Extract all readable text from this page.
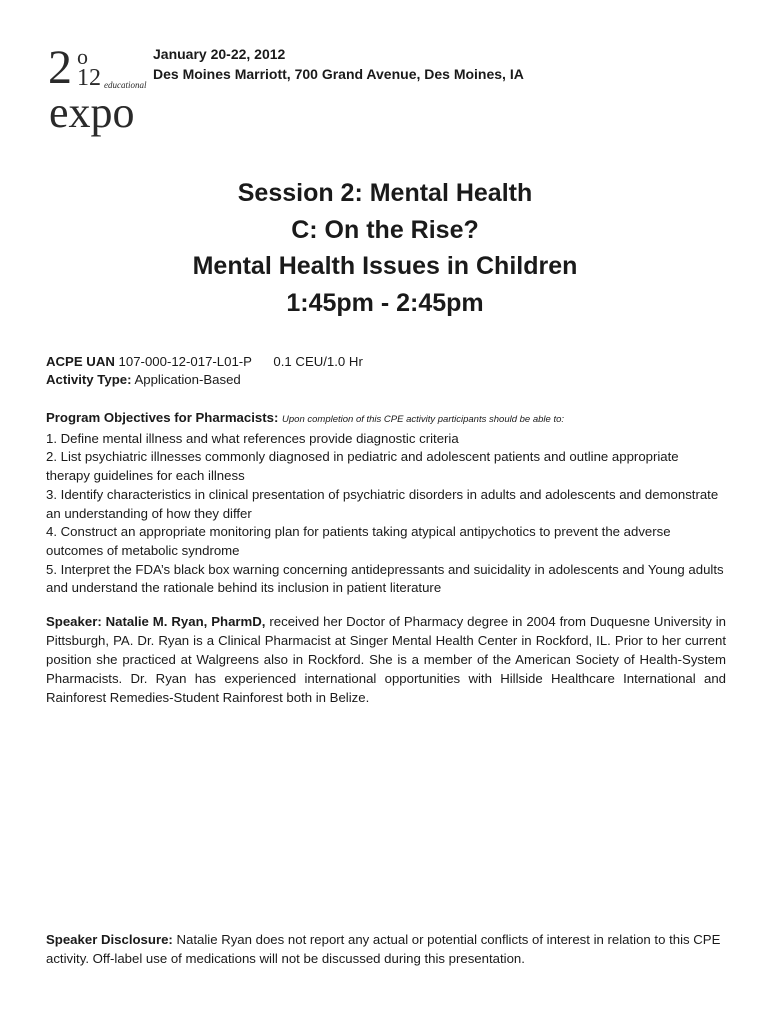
2 o
12 educational
expo
January 20-22, 2012
Des Moines Marriott, 700 Grand Avenue, Des Moines, IA
Session 2: Mental Health
C: On the Rise?
Mental Health Issues in Children
1:45pm - 2:45pm
ACPE UAN 107-000-12-017-L01-P 0.1 CEU/1.0 Hr
Activity Type: Application-Based
Program Objectives for Pharmacists: Upon completion of this CPE activity participants should be able to:
1. Define mental illness and what references provide diagnostic criteria
2. List psychiatric illnesses commonly diagnosed in pediatric and adolescent patients and outline appropriate therapy guidelines for each illness
3. Identify characteristics in clinical presentation of psychiatric disorders in adults and adolescents and demonstrate an understanding of how they differ
4. Construct an appropriate monitoring plan for patients taking atypical antipychotics to prevent the adverse outcomes of metabolic syndrome
5. Interpret the FDA’s black box warning concerning antidepressants and suicidality in adolescents and Young adults and understand the rationale behind its inclusion in patient literature
Speaker: Natalie M. Ryan, PharmD, received her Doctor of Pharmacy degree in 2004 from Duquesne University in Pittsburgh, PA. Dr. Ryan is a Clinical Pharmacist at Singer Mental Health Center in Rockford, IL. Prior to her current position she practiced at Walgreens also in Rockford. She is a member of the American Society of Health-System Pharmacists. Dr. Ryan has experienced international opportunities with Hillside Healthcare International and Rainforest Remedies-Student Rainforest both in Belize.
Speaker Disclosure: Natalie Ryan does not report any actual or potential conflicts of interest in relation to this CPE activity. Off-label use of medications will not be discussed during this presentation.
